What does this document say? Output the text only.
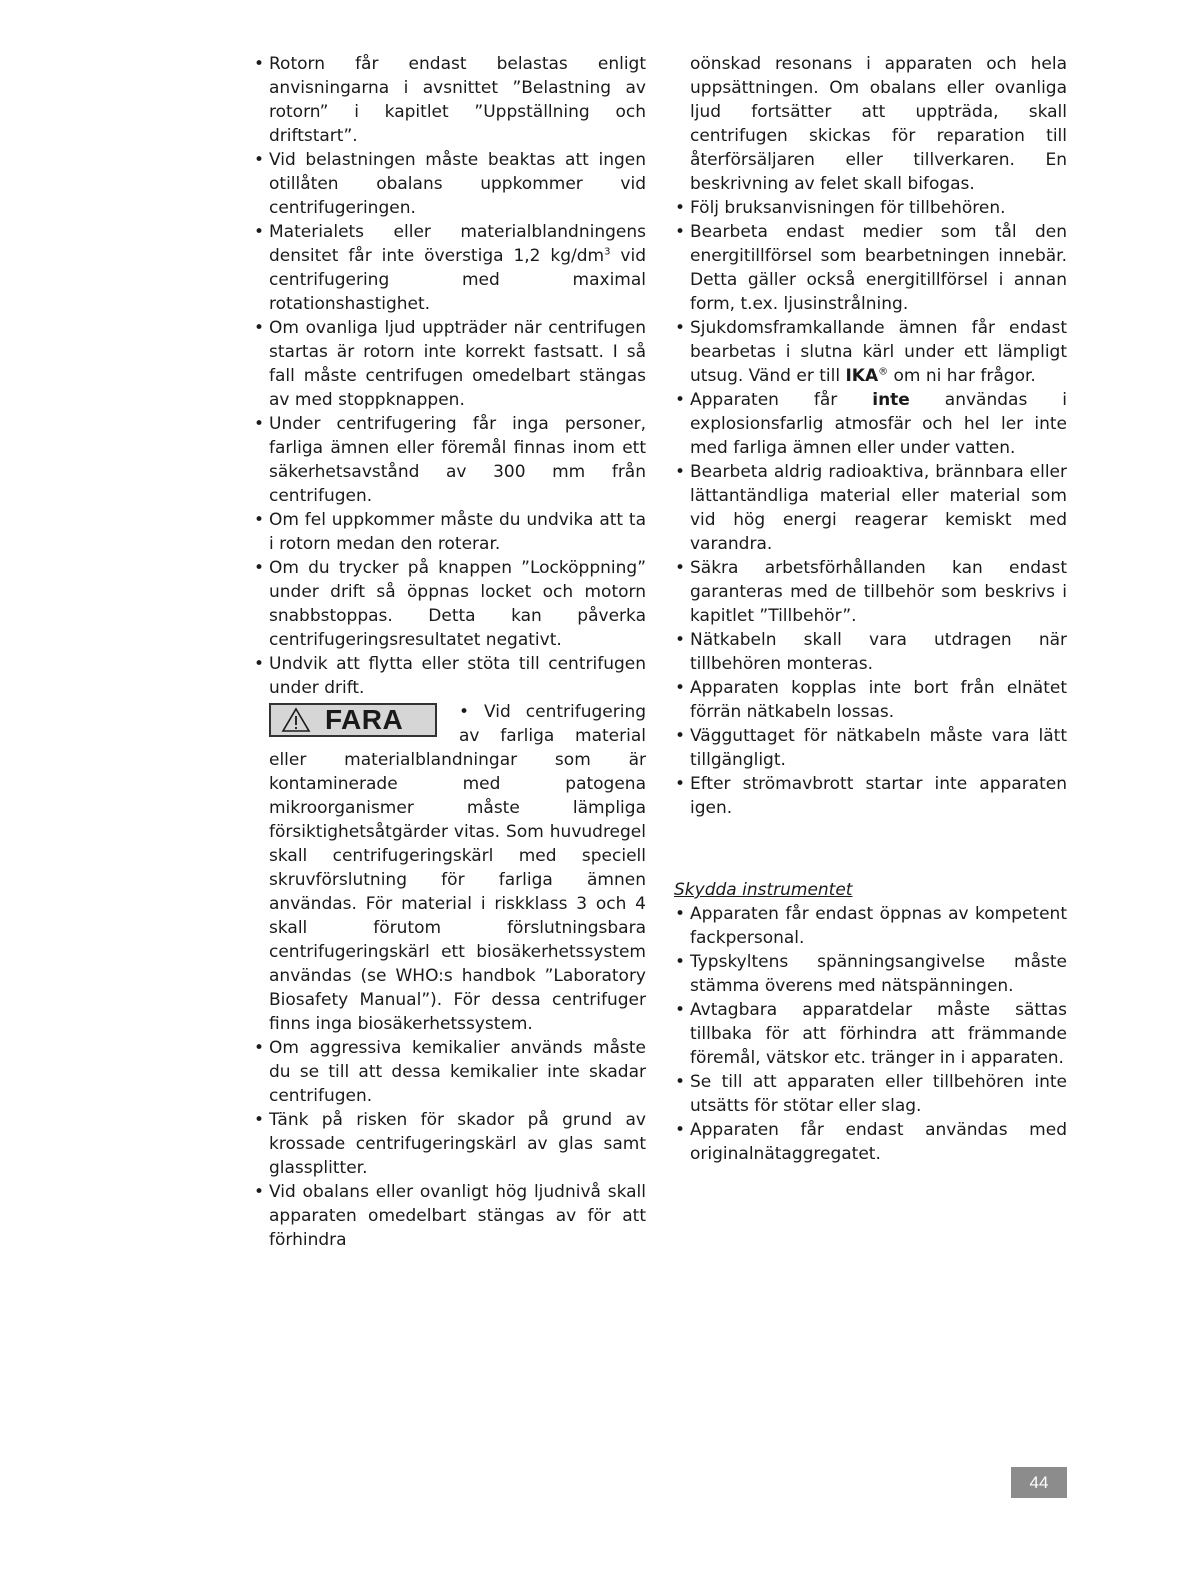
• Rotorn får endast belastas enligt anvisningarna i avsnittet ”Belastning av rotorn” i kapitlet ”Uppställning och driftstart”.
• Vid belastningen måste beaktas att ingen otillåten obalans uppkommer vid centrifugeringen.
• Materialets eller materialblandningens densitet får inte överstiga 1,2 $kg/dm^3$ vid centrifugering med maximal rotationshastighet.
• Om ovanliga ljud uppträder när centrifugen startas är rotorn inte korrekt fastsatt. I så fall måste centrifugen omedelbart stängas av med stoppknappen.
• Under centrifugering får inga personer, farliga ämnen eller föremål finnas inom ett säkerhetsavstånd av 300 mm från centrifugen.
• Om fel uppkommer måste du undvika att ta i rotorn medan den roterar.
• Om du trycker på knappen ”Locköppning” under drift så öppnas locket och motorn snabbstoppas. Detta kan påverka centrifugeringsresultatet negativt.
• Undvik att flytta eller stöta till centrifugen under drift.
FARA	• Vid centrifugering av farliga material eller materialblandningar som är kontaminerade med patogena mikroorganismer måste lämpliga försiktighetsåtgärder vitas. Som huvudregel skall centrifugeringskärl med speciell skruvförslutning för farliga ämnen användas. För material i riskklass 3 och 4 skall förutom förslutningsbara centrifugeringskärl ett biosäkerhetssystem användas (se WHO:s handbok ”Laboratory Biosafety Manual”). För dessa centrifuger finns inga biosäkerhetssystem.
• Om aggressiva kemikalier används måste du se till att dessa kemikalier inte skadar centrifugen.
• Tänk på risken för skador på grund av krossade centrifugeringskärl av glas samt glassplitter.
• Vid obalans eller ovanligt hög ljudnivå skall apparaten omedelbart stängas av för att förhindra
oönskad resonans i apparaten och hela uppsättningen. Om obalans eller ovanliga ljud fortsätter att uppträda, skall centrifugen skickas för reparation till återförsäljaren eller tillverkaren. En beskrivning av felet skall bifogas.
• Följ bruksanvisningen för tillbehören.
• Bearbeta endast medier som tål den energitillförsel som bearbetningen innebär. Detta gäller också energitillförsel i annan form, t.ex. ljusinstrålning.
• Sjukdomsframkallande ämnen får endast bearbetas i slutna kärl under ett lämpligt utsug. Vänd er till IKA® om ni har frågor.
• Apparaten får inte användas i explosionsfarlig atmosfär och hel ler inte med farliga ämnen eller under vatten.
• Bearbeta aldrig radioaktiva, brännbara eller lättantändliga material eller material som vid hög energi reagerar kemiskt med varandra.
• Säkra arbetsförhållanden kan endast garanteras med de tillbehör som beskrivs i kapitlet ”Tillbehör”.
• Nätkabeln skall vara utdragen när tillbehören monteras.
• Apparaten kopplas inte bort från elnätet förrän nätkabeln lossas.
• Vägguttaget för nätkabeln måste vara lätt tillgängligt.
• Efter strömavbrott startar inte apparaten igen.
Skydda instrumentet
• Apparaten får endast öppnas av kompetent fackpersonal.
• Typskyltens spänningsangivelse måste stämma överens med nätspänningen.
• Avtagbara apparatdelar måste sättas tillbaka för att förhindra att främmande föremål, vätskor etc. tränger in i apparaten.
• Se till att apparaten eller tillbehören inte utsätts för stötar eller slag.
• Apparaten får endast användas med originalnätaggregatet.
44
